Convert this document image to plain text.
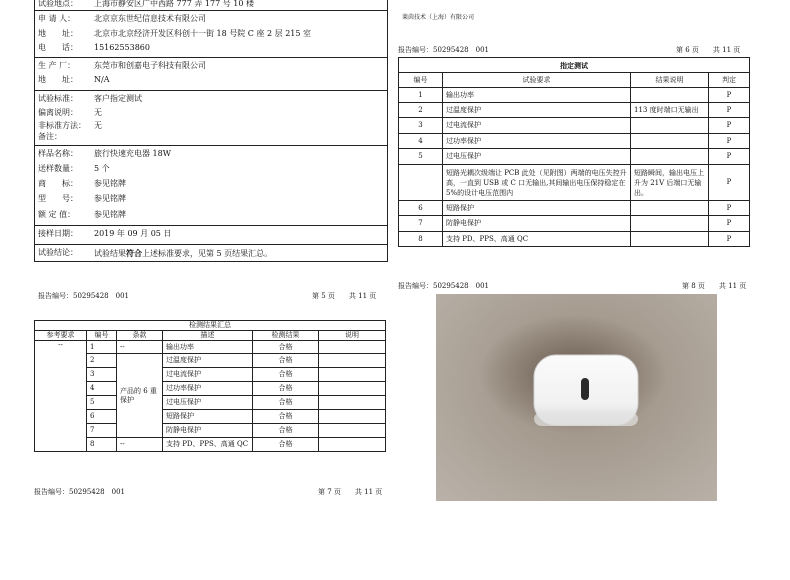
试验地点：	上海市静安区广中西路 777 弄 177 号 10 楼
申 请 人：	北京京东世纪信息技术有限公司
地　　址：	北京市北京经济开发区科创十一街 18 号院 C 座 2 层 215 室
电　　话：	15162553860
生 产 厂：	东莞市和创嘉电子科技有限公司
地　　址：	N/A
试验标准：	客户指定测试
偏离说明：	无
非标准方法：	无
备注：
样品名称：	旅行快速充电器 18W
送样数量：	5 个
商　　标：	参见铭牌
型　　号：	参见铭牌
额 定 值：	参见铭牌
接样日期：	2019 年 09 月 05 日
试验结论：	试验结果符合上述标准要求，见第 5 页结果汇总。
报告编号：50295428　001	第 5 页　　共 11 页
检测结果汇总					
参考要求	编号	条款	描述	检测结果	说明
--	1	--	输出功率	合格	
	2	产品的 6 重保护	过温度保护	合格	
	3		过电流保护	合格	
	4		过功率保护	合格	
	5		过电压保护	合格	
	6		短路保护	合格	
	7		防静电保护	合格	
	8	--	支持 PD、PPS、高通 QC	合格	
报告编号：50295428　001	第 7 页　　共 11 页
莱茵技术（上海）有限公司
报告编号：50295428　001	第 6 页　　共 11 页
指定测试			
编号	试验要求	结果说明	判定
1	输出功率		P
2	过温度保护	113 度时端口无输出	P
3	过电流保护		P
4	过功率保护		P
5	过电压保护		P
	短路光耦次级端让 PCB 此处（见附图）两端的电压失控升高，一直到 USB 或 C 口无输出,其间输出电压保持稳定在 5%的设计电压范围内	短路瞬间，输出电压上升为 21V 后端口无输出。	P
6	短路保护		P
7	防静电保护		P
8	支持 PD、PPS、高通 QC		P
报告编号：50295428　001	第 8 页　　共 11 页
